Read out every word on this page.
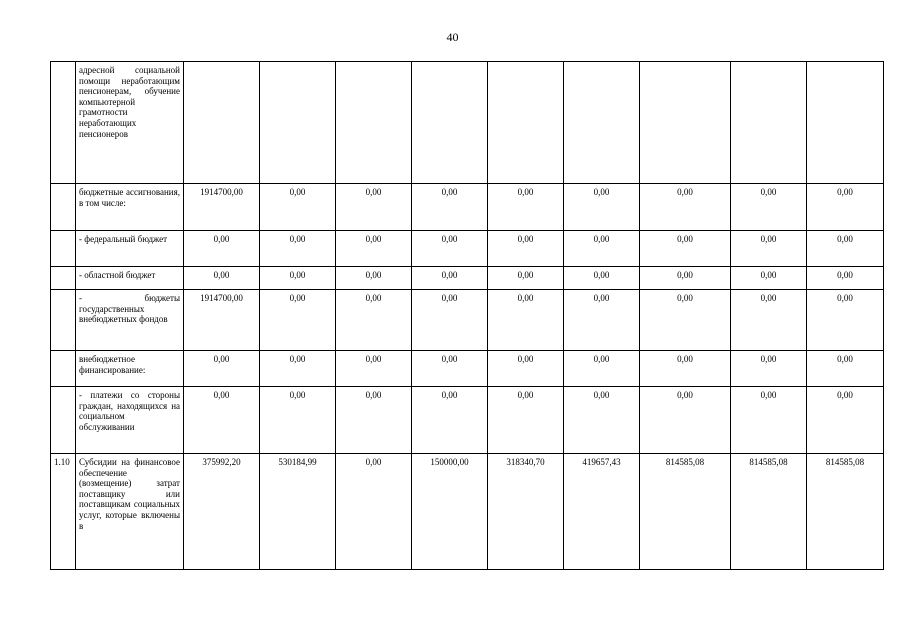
40
	адресной социальной помощи неработающим пенсионерам, обучение компьютерной грамотности неработающих пенсионеров									
	бюджетные ассигнования, в том числе:	1914700,00	0,00	0,00	0,00	0,00	0,00	0,00	0,00	0,00
	- федеральный бюджет	0,00	0,00	0,00	0,00	0,00	0,00	0,00	0,00	0,00
	- областной бюджет	0,00	0,00	0,00	0,00	0,00	0,00	0,00	0,00	0,00
	- бюджеты государственных внебюджетных фондов	1914700,00	0,00	0,00	0,00	0,00	0,00	0,00	0,00	0,00
	внебюджетное финансирование:	0,00	0,00	0,00	0,00	0,00	0,00	0,00	0,00	0,00
	- платежи со стороны граждан, находящихся на социальном обслуживании	0,00	0,00	0,00	0,00	0,00	0,00	0,00	0,00	0,00
1.10	Субсидии на финансовое обеспечение (возмещение) затрат поставщику или поставщикам социальных услуг, которые включены в	375992,20	530184,99	0,00	150000,00	318340,70	419657,43	814585,08	814585,08	814585,08
